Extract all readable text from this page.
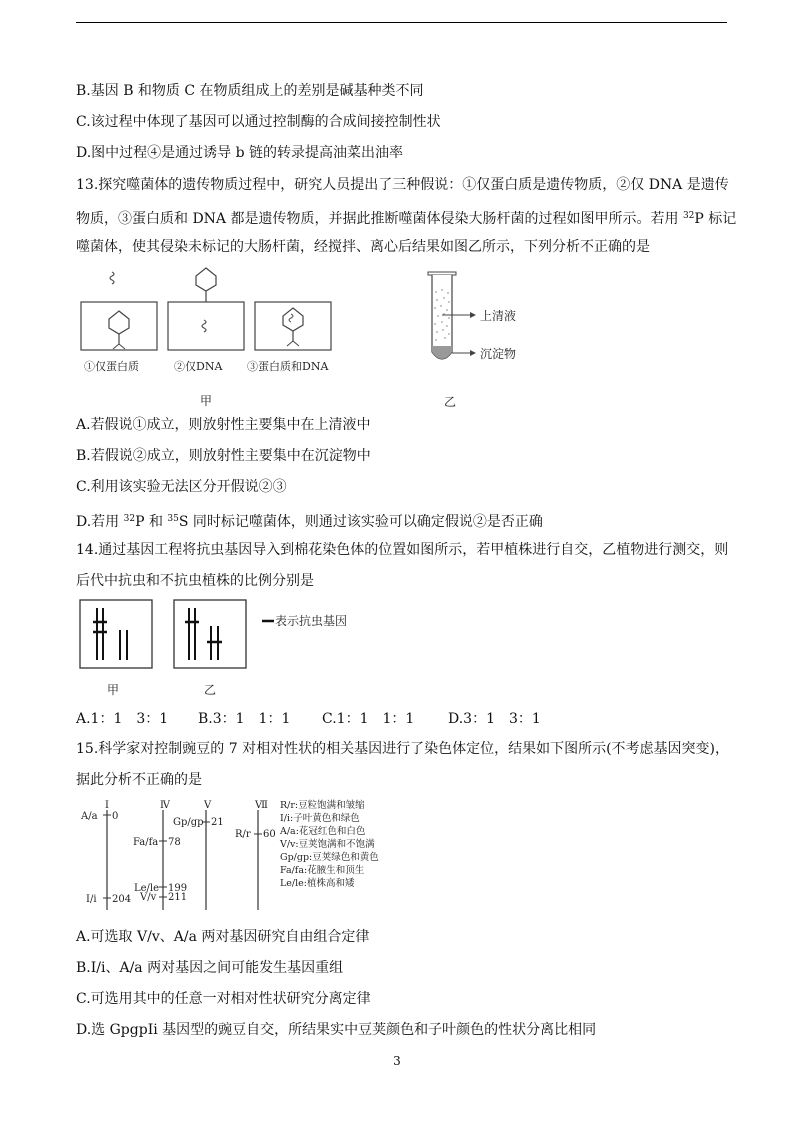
B.基因 B 和物质 C 在物质组成上的差别是碱基种类不同
C.该过程中体现了基因可以通过控制酶的合成间接控制性状
D.图中过程④是通过诱导 b 链的转录提高油菜出油率
13.探究噬菌体的遗传物质过程中，研究人员提出了三种假说：①仅蛋白质是遗传物质，②仅 DNA 是遗传
物质，③蛋白质和 DNA 都是遗传物质，并据此推断噬菌体侵染大肠杆菌的过程如图甲所示。若用 $^{32}$P 标记
噬菌体，使其侵染未标记的大肠杆菌，经搅拌、离心后结果如图乙所示，下列分析不正确的是
①仅蛋白质	②仅DNA ③蛋白质和DNA
甲
上清液
沉淀物
乙
A.若假说①成立，则放射性主要集中在上清液中
B.若假说②成立，则放射性主要集中在沉淀物中
C.利用该实验无法区分开假说②③
D.若用 $^{32}$P 和 $^{35}$S 同时标记噬菌体，则通过该实验可以确定假说②是否正确
14.通过基因工程将抗虫基因导入到棉花染色体的位置如图所示，若甲植株进行自交，乙植物进行测交，则
后代中抗虫和不抗虫植株的比例分别是
表示抗虫基因
甲	乙
A.1：1　3：1 B.3：1　1：1 C.1：1　1：1 D.3：1　3：1
15.科学家对控制豌豆的 7 对相对性状的相关基因进行了染色体定位，结果如下图所示(不考虑基因突变)，
据此分析不正确的是
Ⅰ
A/a 0
I/i 204
Ⅳ
Fa/fa 78
Le/le 199
V/v 211
Ⅴ
Gp/gp 21
Ⅶ
R/r 60
R/r:豆粒饱满和皱缩
I/i:子叶黄色和绿色
A/a:花冠红色和白色
V/v:豆荚饱满和不饱满
Gp/gp:豆荚绿色和黄色
Fa/fa:花腋生和顶生
Le/le:植株高和矮
A.可选取 V/v、A/a 两对基因研究自由组合定律
B.I/i、A/a 两对基因之间可能发生基因重组
C.可选用其中的任意一对相对性状研究分离定律
D.选 GpgpIi 基因型的豌豆自交，所结果实中豆荚颜色和子叶颜色的性状分离比相同
3
